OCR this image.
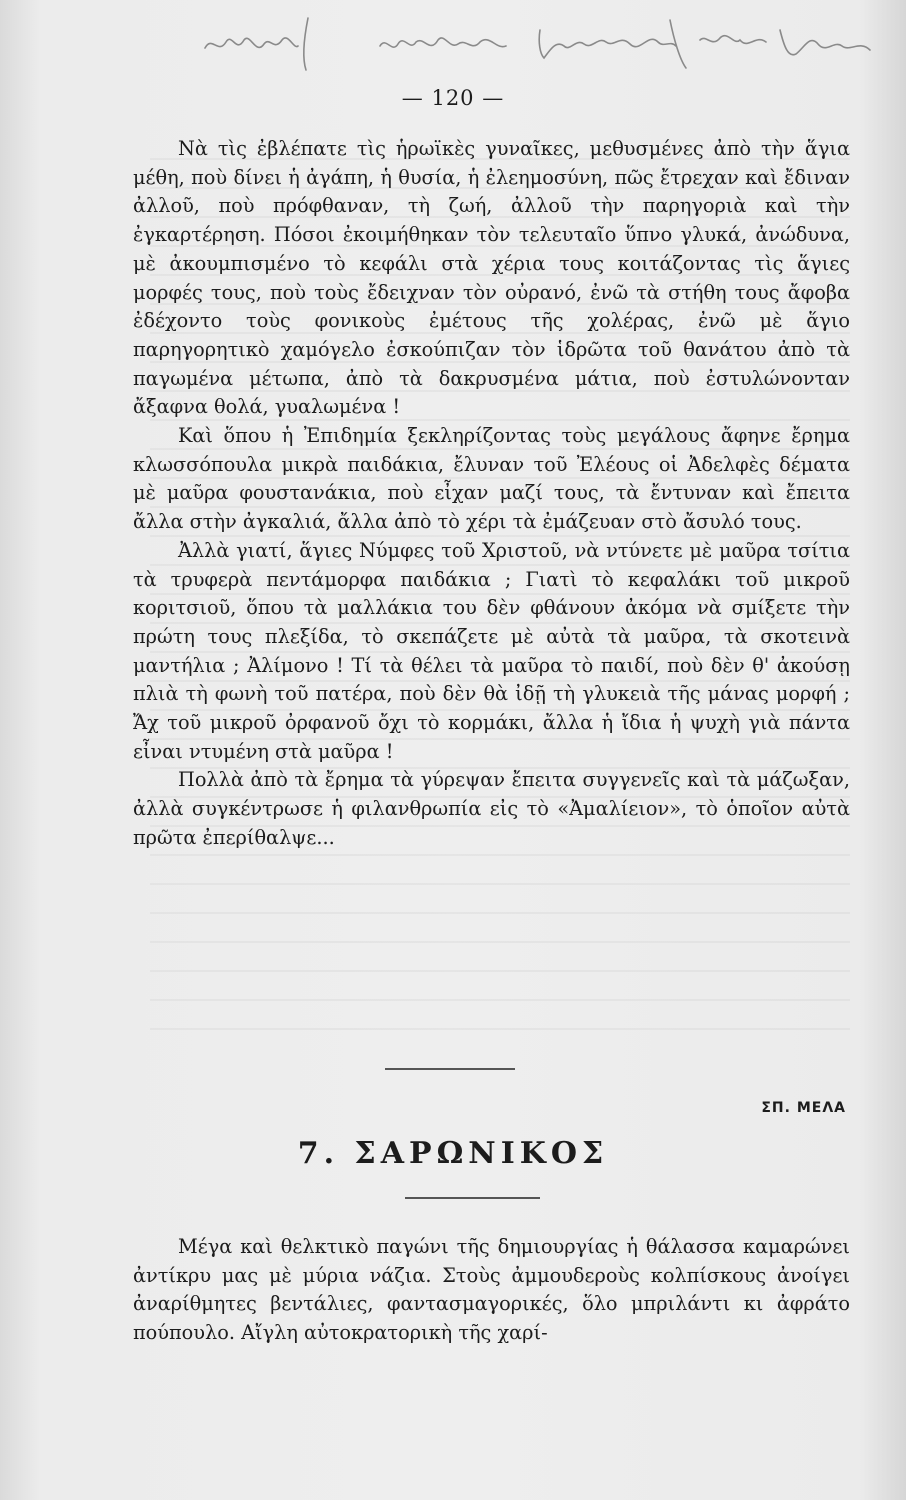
— 120 —

Νὰ τὶς ἐβλέπατε τὶς ἡρωϊκὲς γυναῖκες, μεθυσμένες ἀπὸ τὴν ἅγια μέθη, ποὺ δίνει ἡ ἀγάπη, ἡ θυσία, ἡ ἐλεημοσύνη, πῶς ἔτρεχαν καὶ ἔδιναν ἀλλοῦ, ποὺ πρόφθαναν, τὴ ζωή, ἀλλοῦ τὴν παρηγοριὰ καὶ τὴν ἐγκαρτέρηση. Πόσοι ἐκοιμήθηκαν τὸν τελευταῖο ὕπνο γλυκά, ἀνώδυνα, μὲ ἀκουμπισμένο τὸ κεφάλι στὰ χέρια τους κοιτάζοντας τὶς ἅγιες μορφές τους, ποὺ τοὺς ἔδειχναν τὸν οὐρανό, ἐνῶ τὰ στήθη τους ἄφοβα ἐδέχοντο τοὺς φονικοὺς ἐμέτους τῆς χολέρας, ἐνῶ μὲ ἅγιο παρηγορητικὸ χαμόγελο ἐσκούπιζαν τὸν ἱδρῶτα τοῦ θανάτου ἀπὸ τὰ παγωμένα μέτωπα, ἀπὸ τὰ δακρυσμένα μάτια, ποὺ ἐστυλώνονταν ἄξαφνα θολά, γυαλωμένα !

Καὶ ὅπου ἡ Ἐπιδημία ξεκληρίζοντας τοὺς μεγάλους ἄφηνε ἔρημα κλωσσόπουλα μικρὰ παιδάκια, ἔλυναν τοῦ Ἐλέους οἱ Ἀδελφὲς δέματα μὲ μαῦρα φουστανάκια, ποὺ εἶχαν μαζί τους, τὰ ἔντυναν καὶ ἔπειτα ἄλλα στὴν ἀγκαλιά, ἄλλα ἀπὸ τὸ χέρι τὰ ἐμάζευαν στὸ ἄσυλό τους.

Ἀλλὰ γιατί, ἅγιες Νύμφες τοῦ Χριστοῦ, νὰ ντύνετε μὲ μαῦρα τσίτια τὰ τρυφερὰ πεντάμορφα παιδάκια ; Γιατὶ τὸ κεφαλάκι τοῦ μικροῦ κοριτσιοῦ, ὅπου τὰ μαλλάκια του δὲν φθάνουν ἀκόμα νὰ σμίξετε τὴν πρώτη τους πλεξίδα, τὸ σκεπάζετε μὲ αὐτὰ τὰ μαῦρα, τὰ σκοτεινὰ μαντήλια ; Ἀλίμονο ! Τί τὰ θέλει τὰ μαῦρα τὸ παιδί, ποὺ δὲν θ' ἀκούσῃ πλιὰ τὴ φωνὴ τοῦ πατέρα, ποὺ δὲν θὰ ἰδῇ τὴ γλυκειὰ τῆς μάνας μορφή ; Ἄχ τοῦ μικροῦ ὀρφανοῦ ὄχι τὸ κορμάκι, ἄλλα ἡ ἴδια ἡ ψυχὴ γιὰ πάντα εἶναι ντυμένη στὰ μαῦρα !

Πολλὰ ἀπὸ τὰ ἔρημα τὰ γύρεψαν ἔπειτα συγγενεῖς καὶ τὰ μάζωξαν, ἀλλὰ συγκέντρωσε ἡ φιλανθρωπία εἰς τὸ «Ἀμαλίειον», τὸ ὁποῖον αὐτὰ πρῶτα ἐπερίθαλψε...

ΣΠ. ΜΕΛΑ
7. ΣΑΡΩΝΙΚΟΣ

Μέγα καὶ θελκτικὸ παγώνι τῆς δημιουργίας ἡ θάλασσα καμαρώνει ἀντίκρυ μας μὲ μύρια νάζια. Στοὺς ἀμμουδεροὺς κολπίσκους ἀνοίγει ἀναρίθμητες βεντάλιες, φαντασμαγορικές, ὅλο μπριλάντι κι ἀφράτο πούπουλο. Αἴγλη αὐτοκρατορικὴ τῆς χαρί-
